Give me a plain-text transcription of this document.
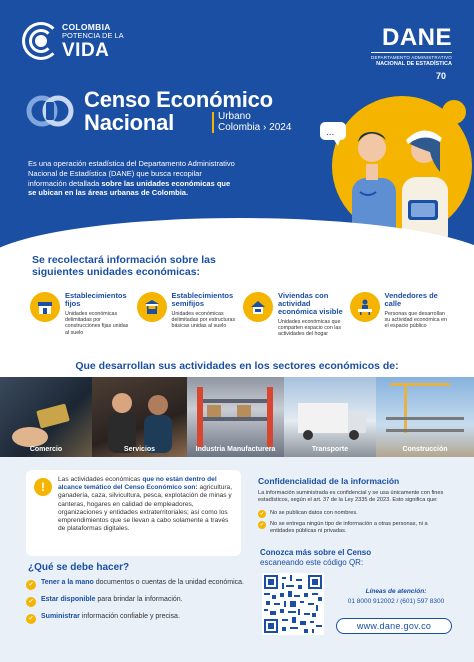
COLOMBIA
POTENCIA DE LA
VIDA	DANE
DEPARTAMENTO ADMINISTRATIVO
NACIONAL DE ESTADÍSTICA
70
Censo Económico
Nacional	Urbano
Colombia › 2024

Es una operación estadística del Departamento Administrativo Nacional de Estadística (DANE) que busca recopilar información detallada sobre las unidades económicas que se ubican en las áreas urbanas de Colombia.

...
Se recolectará información sobre las
siguientes unidades económicas:
Establecimientos fijos

Unidades económicas delimitadas por construcciones fijas unidas al suelo

Establecimientos semifijos

Unidades económicas delimitadas por estructuras básicas unidas al suelo

Viviendas con actividad económica visible

Unidades económicas que comparten espacio con las actividades del hogar

Vendedores de calle

Personas que desarrollan su actividad económica en el espacio público

Que desarrollan sus actividades en los sectores económicos de:
Comercio	Servicios	Industria Manufacturera	Transporte	Construcción
!

Las actividades económicas que no están dentro del alcance temático del Censo Económico son: agricultura, ganadería, caza, silvicultura, pesca, explotación de minas y canteras, hogares en calidad de empleadores, organizaciones y entidades extraterritoriales; así como los emprendimientos que se llevan a cabo solamente a través de plataformas digitales.

¿Qué se debe hacer?
✔	Tener a la mano documentos o cuentas de la unidad económica.

✔	Estar disponible para brindar la información.

✔	Suministrar información confiable y precisa.

Confidencialidad de la información

La información suministrada es confidencial y se usa únicamente con fines estadísticos, según el art. 37 de la Ley 2335 de 2023. Esto significa que:

✔	No se publican datos con nombres.

✔	No se entrega ningún tipo de información a otras personas, ni a entidades públicas ni privadas.

Conozca más sobre el Censo
escaneando este código QR:
Líneas de atención:
01 8000 912002 / (601) 597 8300
www.dane.gov.co
